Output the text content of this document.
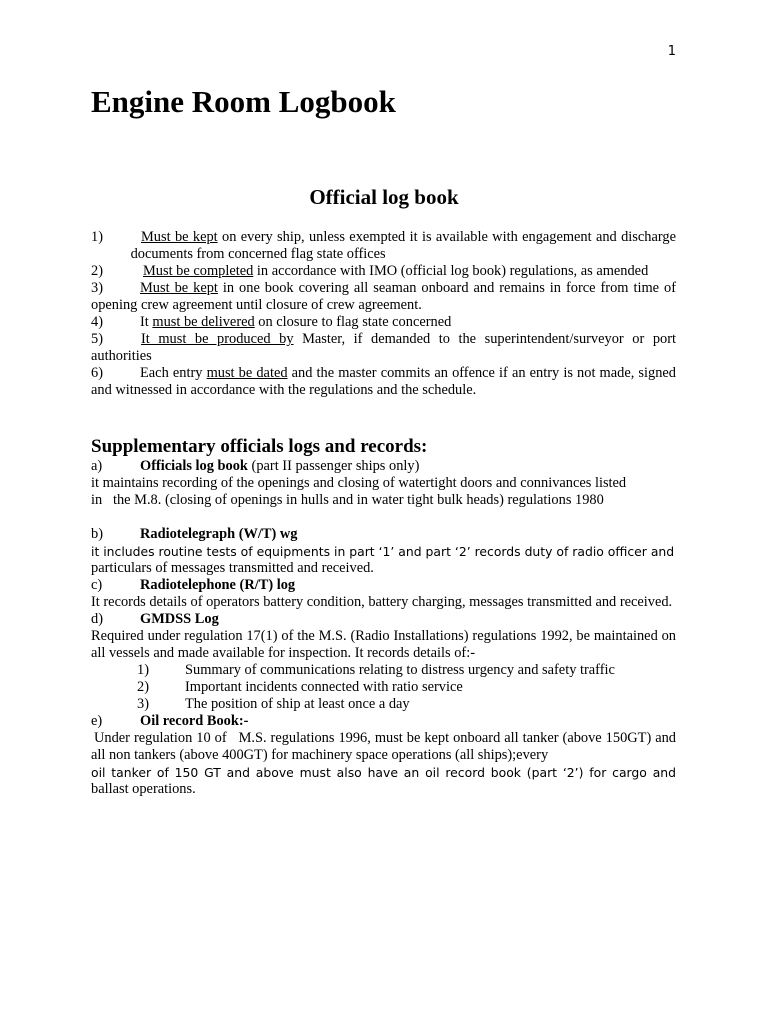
1
Engine Room Logbook
Official log book
1)	Must be kept on every ship, unless exempted it is available with engagement and discharge            documents from concerned flag state offices
2)	Must be completed in accordance with IMO (official log book) regulations, as amended
3)	Must be kept in one book covering all seaman onboard and remains in force from time of opening crew agreement until closure of crew agreement.
4)	It must be delivered on closure to flag state concerned
5)	It must be produced by Master, if demanded to the superintendent/surveyor or port authorities
6)	Each entry must be dated and the master commits an offence if an entry is not made, signed and witnessed in accordance with the regulations and the schedule.
Supplementary officials logs and records:
a)	Officials log book (part II passenger ships only)
it maintains recording of the openings and closing of watertight doors and connivances listed
in   the M.8. (closing of openings in hulls and in water tight bulk heads) regulations 1980
b)	Radiotelegraph (W/T) wg
it includes routine tests of equipments in part ‘1’ and part ‘2’ records duty of radio officer and
particulars of messages transmitted and received.
c)	Radiotelephone (R/T) log
It records details of operators battery condition, battery charging, messages transmitted and received.
d)	GMDSS Log
Required under regulation 17(1) of the M.S. (Radio Installations) regulations 1992, be maintained on all vessels and made available for inspection. It records details of:-
1)	Summary of communications relating to distress urgency and safety traffic
2)	Important incidents connected with ratio service
3)	The position of ship at least once a day
e)	Oil record Book:-
Under regulation 10 of   M.S. regulations 1996, must be kept onboard all tanker (above 150GT) and all non tankers (above 400GT) for machinery space operations (all ships);every
oil tanker of 150 GT and above must also have an oil record book (part ‘2’) for cargo and
ballast operations.
